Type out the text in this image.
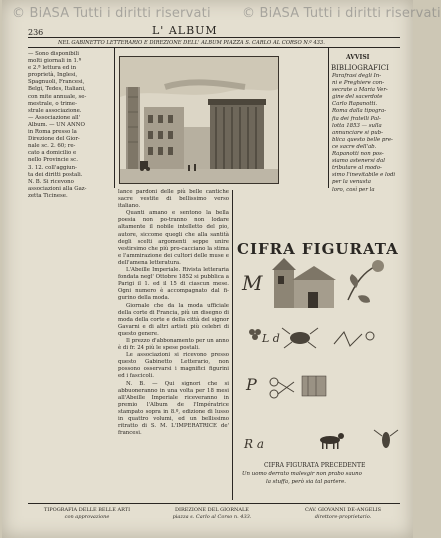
© BiASA Tutti i diritti riservati © BiASA Tutti i diritti riservati
236	L' ALBUM
NEL GABINETTO LETTERARIO E DIREZIONE DELL' ALBUM PIAZZA S. CARLO AL CORSO N.º 433.
— Sono disponibili
molti giornali in 1.ª
e 2.ª lettura ed in
proprietà, Inglesi,
Spagnuoli, Francesi,
Belgi, Tedes, Italiani,
con mite annuale, se-
mestrale, o trime-
strale associazione.
— Associazione all'
Album. — UN ANNO
in Roma presso la
Direzione del Gior-
nale sc. 2. 60; re-
cato a domicilio e
nello Provincie sc.
3. 12. coll'aggiun-
ta dei diritti postali.
N. B. Si ricevono
associazioni alla Gaz-
zetta Ticinese.
AVVISI
BIBLIOGRAFICI
Parafrasi degli In-
ni e Preghiere con-
secrate a Maria Ver-
gine del sacerdote
Carlo Rapanotti.
Roma dalla tipogra-
fia dei fratelli Pal-
lotta 1853 — sulla
annunciare si pub-
blica questo belle pre-
ce sacre dell'ab.
Rapanotti non pos-
siamo astenersi dal
tributare al modo-
simo l'inevitabile e lodi
per la venusta
loro, così per la

lance pardoni delle più belle cantiche sacre vestite di bellissimo verso italiano.

Quanti amano e sentono la bella poesia non po-tranno non lodare altamente il nobile intelletto del pio, autore, siccome quegli che alla santità degli scelti argomenti seppe unire vestirsimo che più pro-cacciano la stima e l'ammirazione dei cultori delle muse e dell'amena letteratura.

L'Abeille Imperiale. Rivista letteraria fondata negl' Ottobre 1852 si pubblica a Parigi il 1. ed il 15 di ciascun mese. Ogni numero è accompagnato dal fi-gurino della moda.

Giornale che da la moda ufficiale della corte di Francia, più un disegno di moda della corte e della città del signor Gavarni e di altri artisti più celebri di questo genere.

Il prezzo d'abbonamento per un anno è di fr. 24 più le spese postali.

Le associazioni si ricevono presso questo Gabinetto Letterario, non possono osservarsi i magnifici figurini ed i fascicoli.

N. B. — Qui signori che si abbuoneranno in una volta per 18 mesi all'Abeille Imperiale riceveranno in premio l'Album de l'Impératrice stampato sopra in 8.º, edizione di lusso in quattro volumi, ed un bellissimo ritratto di S. M. L'IMPERATRICE de' francesi.

CIFRA FIGURATA
M
L d
P
R a
CIFRA FIGURATA PRECEDENTE
Un uomo derrato malesgir non prabo sauno
la stuffa, però sia tal partere.
TIPOGRAFIA DELLE BELLE ARTI
con approvazione
DIREZIONE DEL GIORNALE
piazza s. Carlo al Corso n. 433.
CAV. GIOVANNI DE-ANGELIS
direttore-proprietario.
